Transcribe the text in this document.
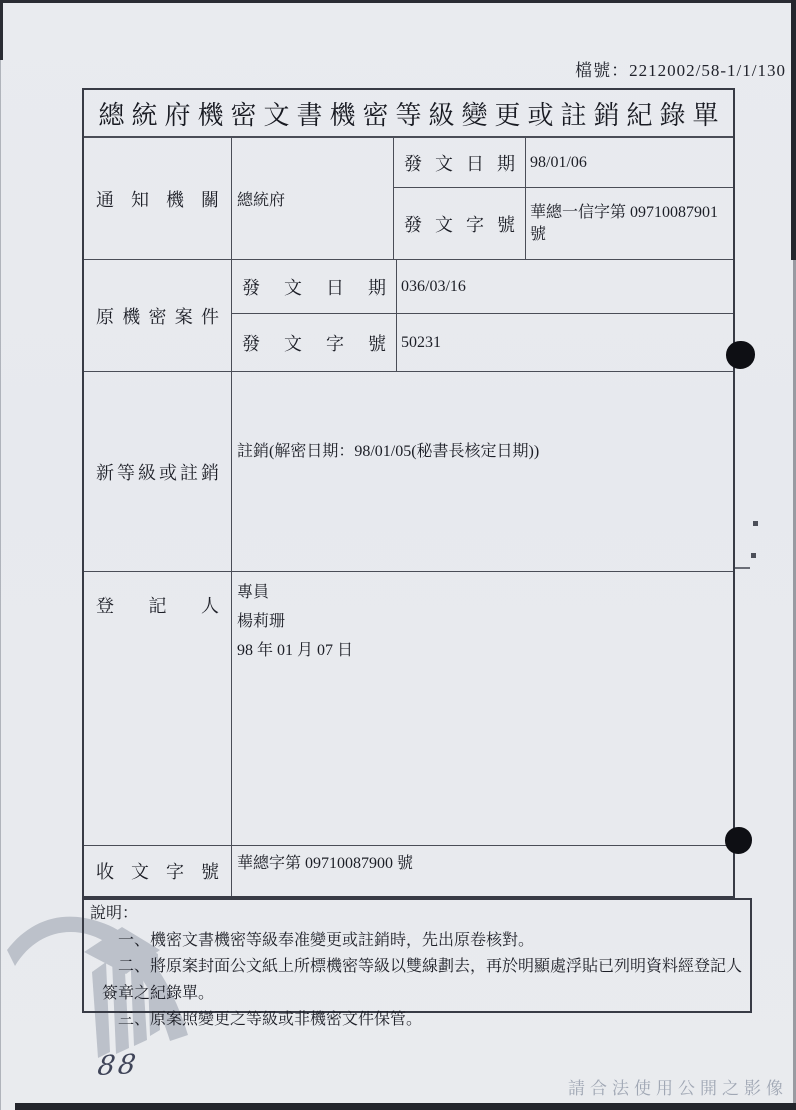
檔號：2212002/58-1/1/130
總統府機密文書機密等級變更或註銷紀錄單
通知機關 總統府
發文日期 98/01/06
發文字號
華總一信字第 09710087901 號
原機密案件
發文日期 036/03/16
發文字號 50231
新等級或註銷
註銷(解密日期：98/01/05(秘書長核定日期))
登記人
專員
楊莉珊
98 年 01 月 07 日
收文字號	華總字第 09710087900 號

說明：

一、機密文書機密等級奉准變更或註銷時，先出原卷核對。

二、將原案封面公文紙上所標機密等級以雙線劃去，再於明顯處浮貼已列明資料經登記人簽章之紀錄單。

三、原案照變更之等級或非機密文件保管。

88
請合法使用公開之影像
